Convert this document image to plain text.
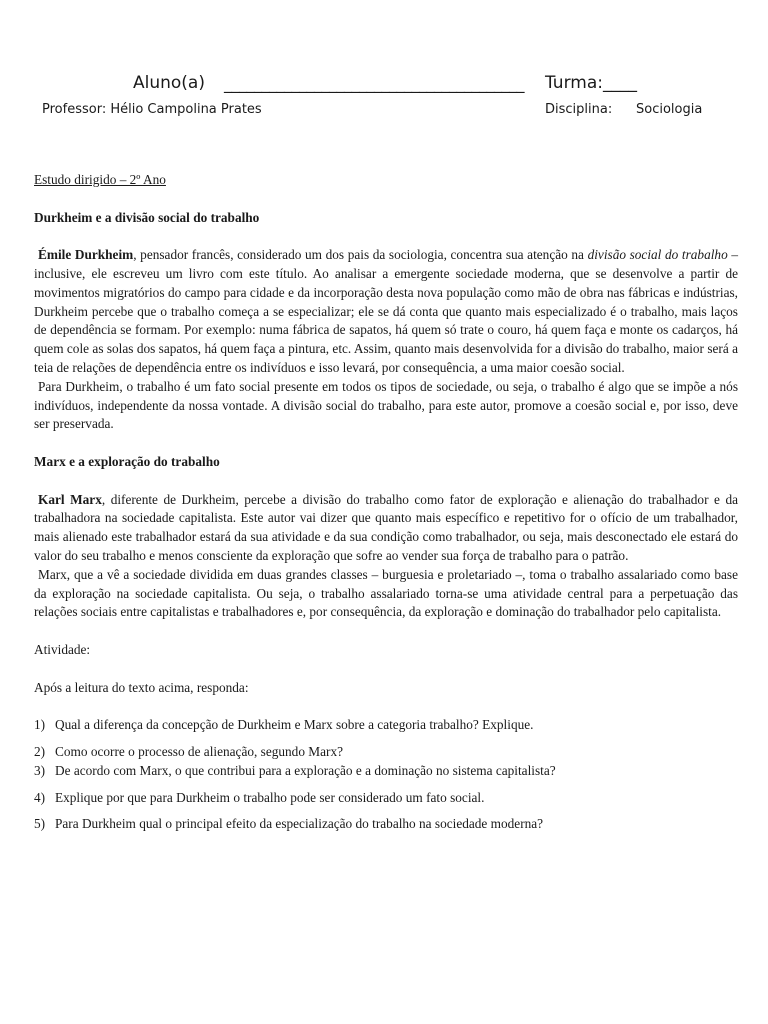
Aluno(a) ________________________________________ Turma:____
Professor: Hélio Campolina Prates	Disciplina: Sociologia

Estudo dirigido – 2º Ano

Durkheim e a divisão social do trabalho

Émile Durkheim, pensador francês, considerado um dos pais da sociologia, concentra sua atenção na divisão social do trabalho – inclusive, ele escreveu um livro com este título. Ao analisar a emergente sociedade moderna, que se desenvolve a partir de movimentos migratórios do campo para cidade e da incorporação desta nova população como mão de obra nas fábricas e indústrias, Durkheim percebe que o trabalho começa a se especializar; ele se dá conta que quanto mais especializado é o trabalho, mais laços de dependência se formam. Por exemplo: numa fábrica de sapatos, há quem só trate o couro, há quem faça e monte os cadarços, há quem cole as solas dos sapatos, há quem faça a pintura, etc. Assim, quanto mais desenvolvida for a divisão do trabalho, maior será a teia de relações de dependência entre os indivíduos e isso levará, por consequência, a uma maior coesão social.

Para Durkheim, o trabalho é um fato social presente em todos os tipos de sociedade, ou seja, o trabalho é algo que se impõe a nós indivíduos, independente da nossa vontade. A divisão social do trabalho, para este autor, promove a coesão social e, por isso, deve ser preservada.

Marx e a exploração do trabalho

Karl Marx, diferente de Durkheim, percebe a divisão do trabalho como fator de exploração e alienação do trabalhador e da trabalhadora na sociedade capitalista. Este autor vai dizer que quanto mais específico e repetitivo for o ofício de um trabalhador, mais alienado este trabalhador estará da sua atividade e da sua condição como trabalhador, ou seja, mais desconectado ele estará do valor do seu trabalho e menos consciente da exploração que sofre ao vender sua força de trabalho para o patrão.

Marx, que a vê a sociedade dividida em duas grandes classes – burguesia e proletariado –, toma o trabalho assalariado como base da exploração na sociedade capitalista. Ou seja, o trabalho assalariado torna-se uma atividade central para a perpetuação das relações sociais entre capitalistas e trabalhadores e, por consequência, da exploração e dominação do trabalhador pelo capitalista.

Atividade:

Após a leitura do texto acima, responda:

1) Qual a diferença da concepção de Durkheim e Marx sobre a categoria trabalho? Explique.
2) Como ocorre o processo de alienação, segundo Marx?
3) De acordo com Marx, o que contribui para a exploração e a dominação no sistema capitalista?
4) Explique por que para Durkheim o trabalho pode ser considerado um fato social.
5) Para Durkheim qual o principal efeito da especialização do trabalho na sociedade moderna?
